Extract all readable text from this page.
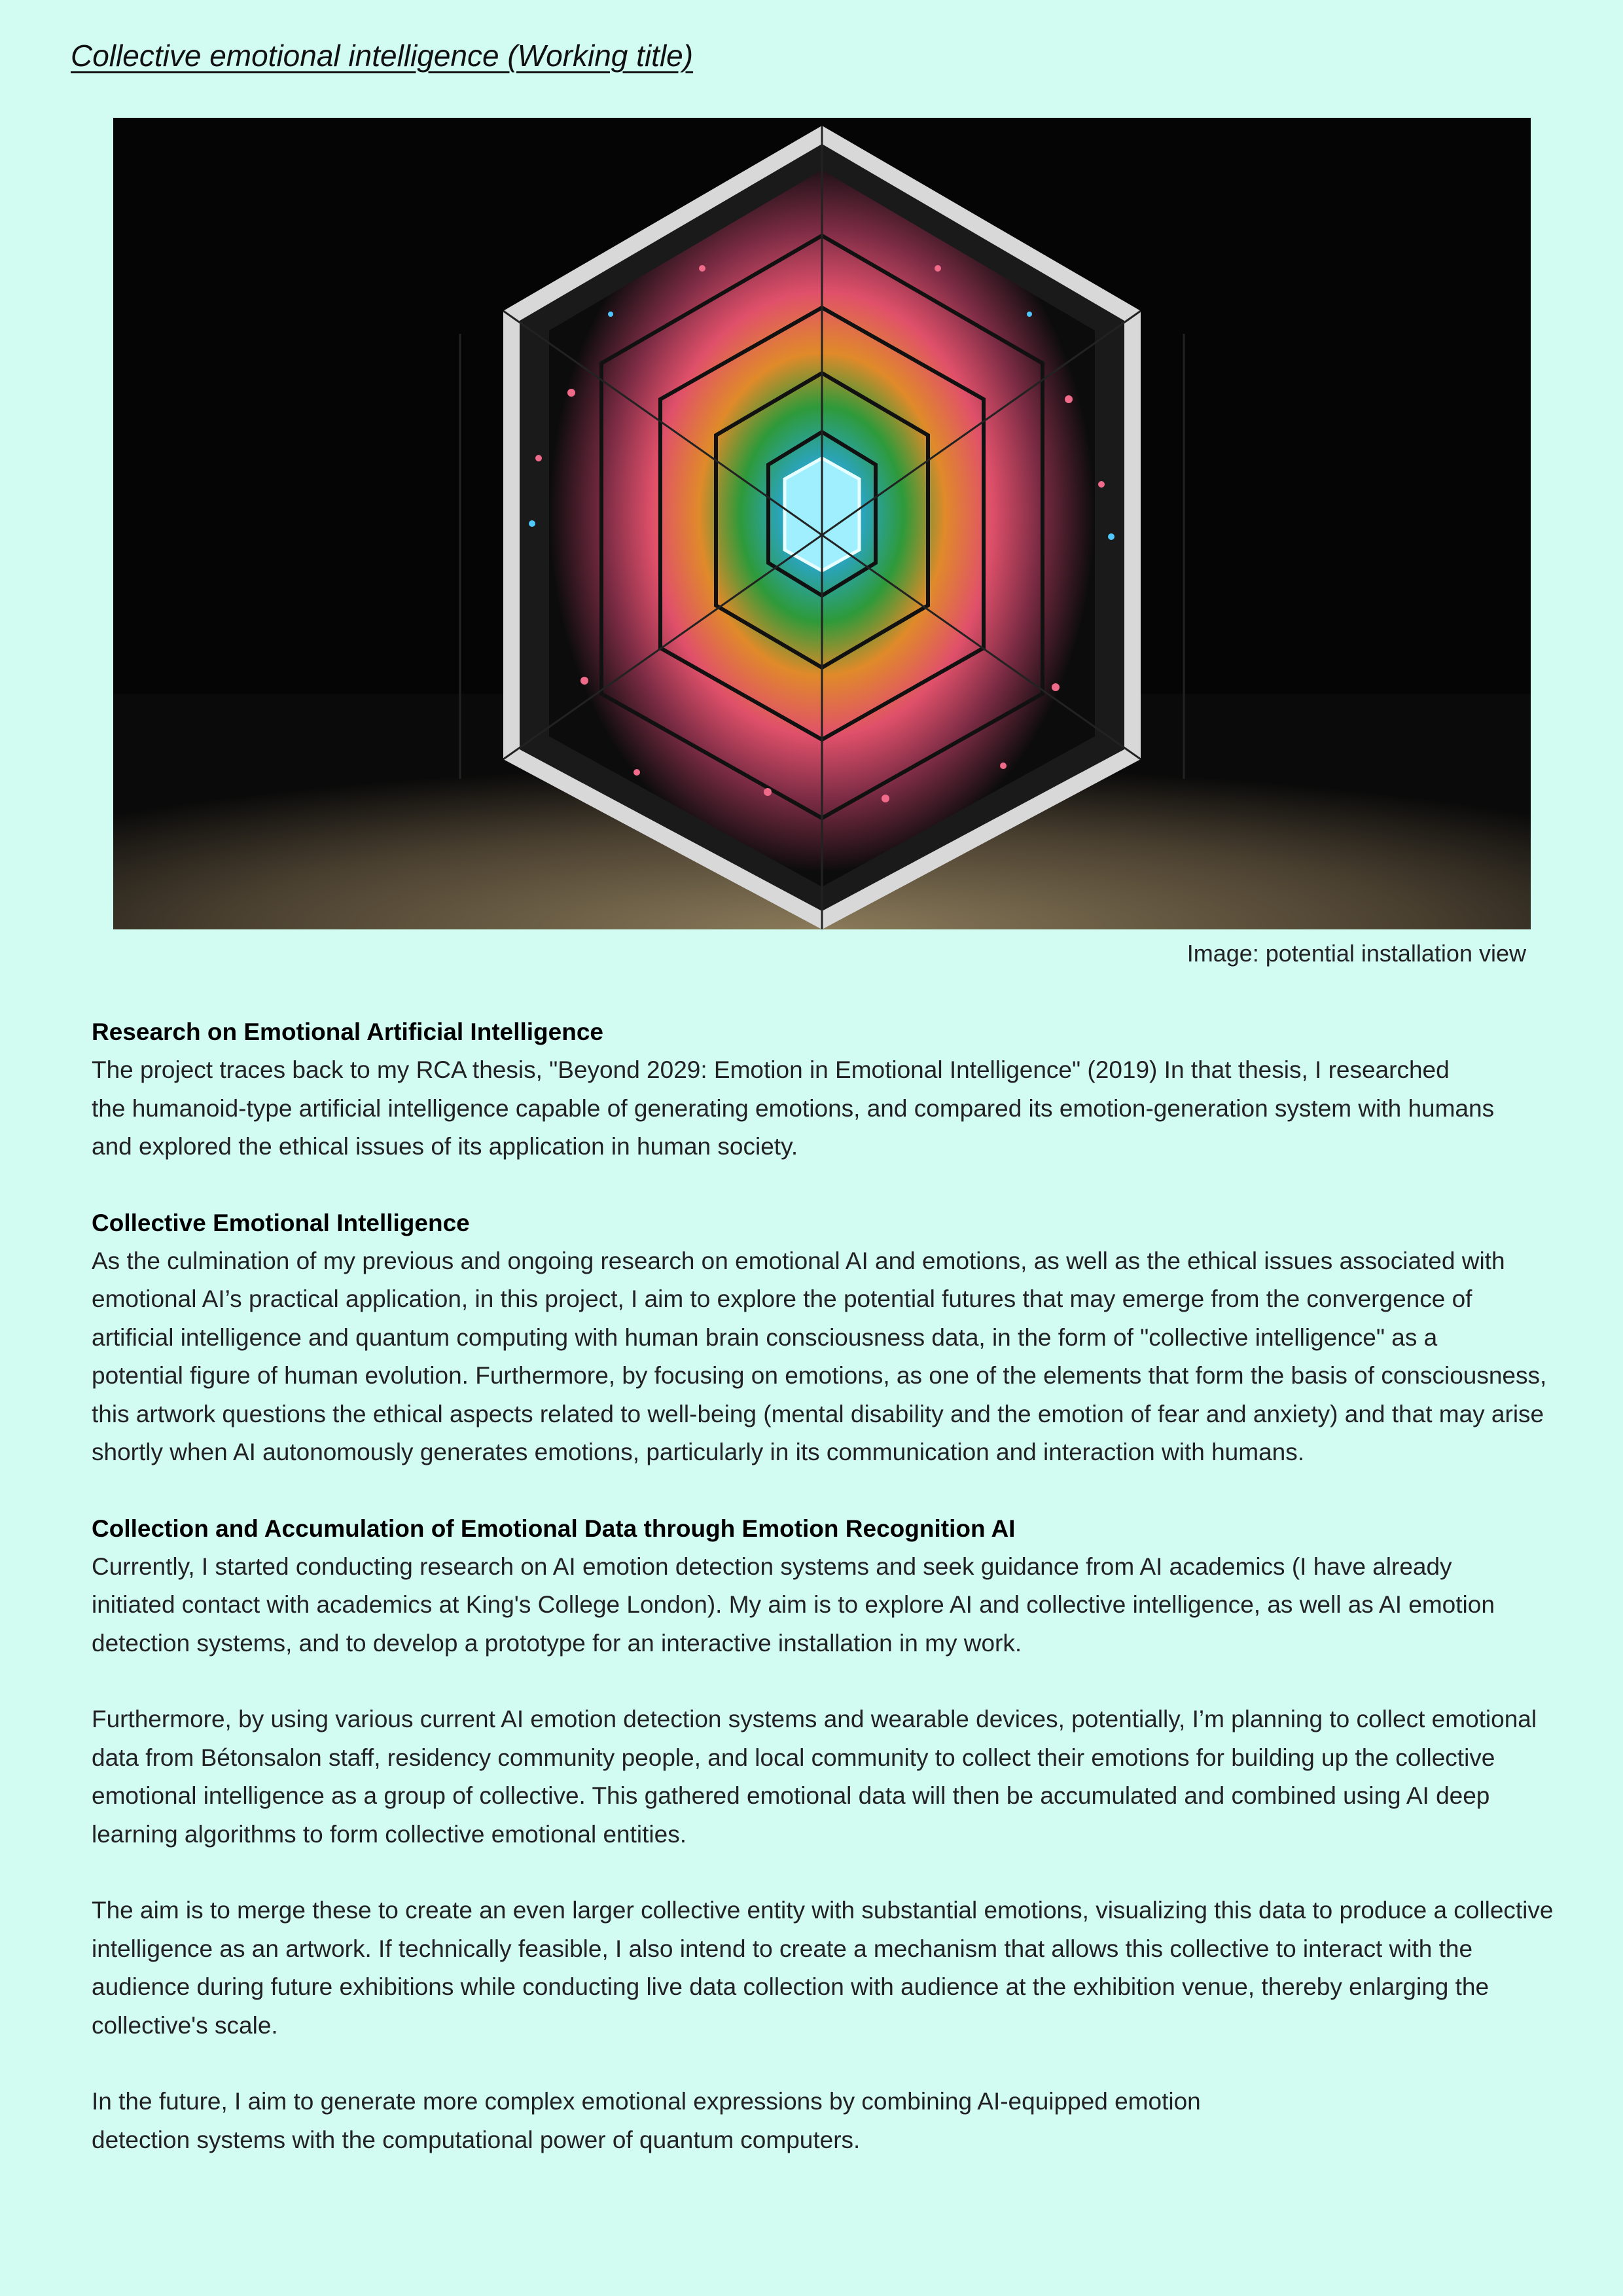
Collective emotional intelligence (Working title)
Image: potential installation view
Research on Emotional Artificial Intelligence

The project traces back to my RCA thesis, "Beyond 2029: Emotion in Emotional Intelligence" (2019) In that thesis, I researched
the humanoid-type artificial intelligence capable of generating emotions, and compared its emotion-generation system with humans
and explored the ethical issues of its application in human society.

Collective Emotional Intelligence

As the culmination of my previous and ongoing research on emotional AI and emotions, as well as the ethical issues associated with
emotional AI’s practical application, in this project, I aim to explore the potential futures that may emerge from the convergence of
artificial intelligence and quantum computing with human brain consciousness data, in the form of "collective intelligence" as a
potential figure of human evolution. Furthermore, by focusing on emotions, as one of the elements that form the basis of consciousness,
this artwork questions the ethical aspects related to well-being (mental disability and the emotion of fear and anxiety) and that may arise
shortly when AI autonomously generates emotions, particularly in its communication and interaction with humans.

Collection and Accumulation of Emotional Data through Emotion Recognition AI

Currently, I started conducting research on AI emotion detection systems and seek guidance from AI academics (I have already
initiated contact with academics at King's College London). My aim is to explore AI and collective intelligence, as well as AI emotion
detection systems, and to develop a prototype for an interactive installation in my work.

Furthermore, by using various current AI emotion detection systems and wearable devices, potentially, I’m planning to collect emotional
data from Bétonsalon staff, residency community people, and local community to collect their emotions for building up the collective
emotional intelligence as a group of collective. This gathered emotional data will then be accumulated and combined using AI deep
learning algorithms to form collective emotional entities.

The aim is to merge these to create an even larger collective entity with substantial emotions, visualizing this data to produce a collective
intelligence as an artwork. If technically feasible, I also intend to create a mechanism that allows this collective to interact with the
audience during future exhibitions while conducting live data collection with audience at the exhibition venue, thereby enlarging the
collective's scale.

In the future, I aim to generate more complex emotional expressions by combining AI-equipped emotion
detection systems with the computational power of quantum computers.
